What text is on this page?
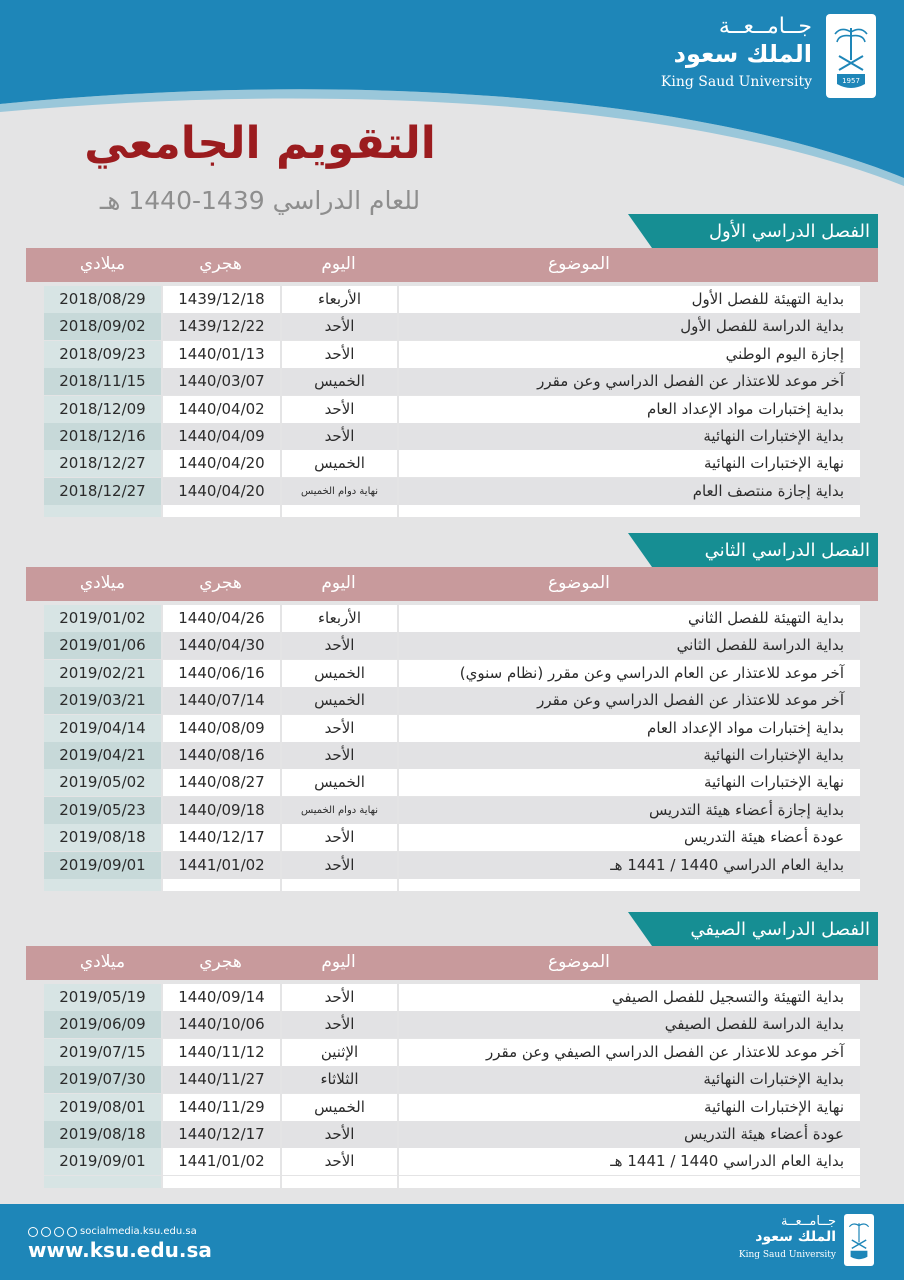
1957
جــامــعــة
الملك سعود
King Saud University
التقويم الجامعي
للعام الدراسي 1439-1440 هـ
الفصل الدراسي الأول
الموضوع
اليوم
هجري
ميلادي
2018/08/29	1439/12/18	الأربعاء	بداية التهيئة للفصل الأول
2018/09/02	1439/12/22	الأحد	بداية الدراسة للفصل الأول
2018/09/23	1440/01/13	الأحد	إجازة اليوم الوطني
2018/11/15	1440/03/07	الخميس	آخر موعد للاعتذار عن الفصل الدراسي وعن مقرر
2018/12/09	1440/04/02	الأحد	بداية إختبارات مواد الإعداد العام
2018/12/16	1440/04/09	الأحد	بداية الإختبارات النهائية
2018/12/27	1440/04/20	الخميس	نهاية الإختبارات النهائية
2018/12/27	1440/04/20	نهاية دوام الخميس	بداية إجازة منتصف العام
الفصل الدراسي الثاني
الموضوع
اليوم
هجري
ميلادي
2019/01/02	1440/04/26	الأربعاء	بداية التهيئة للفصل الثاني
2019/01/06	1440/04/30	الأحد	بداية الدراسة للفصل الثاني
2019/02/21	1440/06/16	الخميس	آخر موعد للاعتذار عن العام الدراسي وعن مقرر (نظام سنوي)
2019/03/21	1440/07/14	الخميس	آخر موعد للاعتذار عن الفصل الدراسي وعن مقرر
2019/04/14	1440/08/09	الأحد	بداية إختبارات مواد الإعداد العام
2019/04/21	1440/08/16	الأحد	بداية الإختبارات النهائية
2019/05/02	1440/08/27	الخميس	نهاية الإختبارات النهائية
2019/05/23	1440/09/18	نهاية دوام الخميس	بداية إجازة أعضاء هيئة التدريس
2019/08/18	1440/12/17	الأحد	عودة أعضاء هيئة التدريس
2019/09/01	1441/01/02	الأحد	بداية العام الدراسي 1440 / 1441 هـ
الفصل الدراسي الصيفي
الموضوع
اليوم
هجري
ميلادي
2019/05/19	1440/09/14	الأحد	بداية التهيئة والتسجيل للفصل الصيفي
2019/06/09	1440/10/06	الأحد	بداية الدراسة للفصل الصيفي
2019/07/15	1440/11/12	الإثنين	آخر موعد للاعتذار عن الفصل الدراسي الصيفي وعن مقرر
2019/07/30	1440/11/27	الثلاثاء	بداية الإختبارات النهائية
2019/08/01	1440/11/29	الخميس	نهاية الإختبارات النهائية
2019/08/18	1440/12/17	الأحد	عودة أعضاء هيئة التدريس
2019/09/01	1441/01/02	الأحد	بداية العام الدراسي 1440 / 1441 هـ
socialmedia.ksu.edu.sa
www.ksu.edu.sa
جــامــعــة
الملك سعود
King Saud University
